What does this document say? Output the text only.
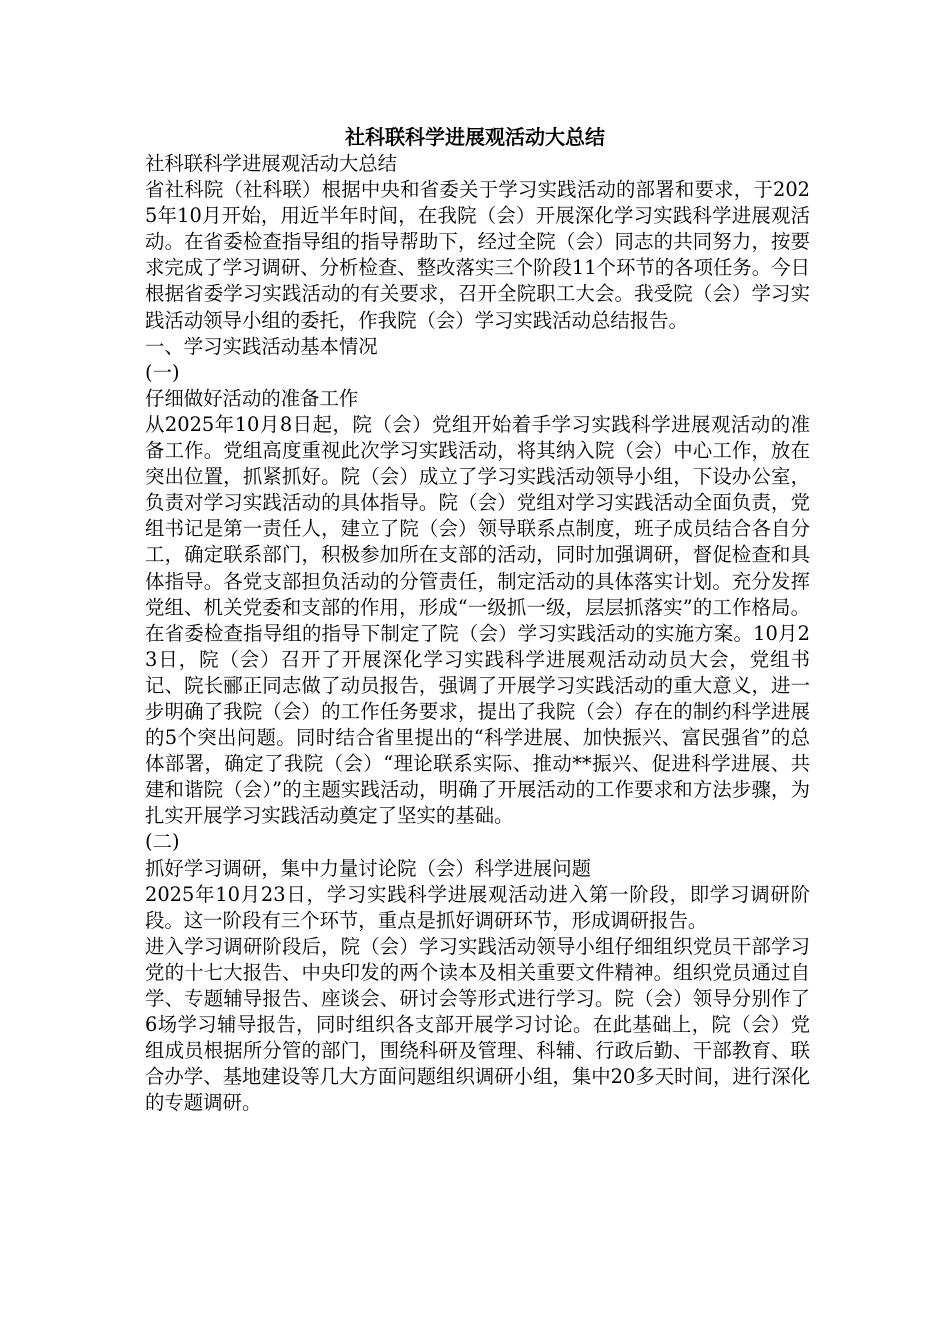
社科联科学进展观活动大总结

社科联科学进展观活动大总结

省社科院（社科联）根据中央和省委关于学习实践活动的部署和要求，于2025年10月开始，用近半年时间，在我院（会）开展深化学习实践科学进展观活动。在省委检查指导组的指导帮助下，经过全院（会）同志的共同努力，按要求完成了学习调研、分析检查、整改落实三个阶段11个环节的各项任务。今日根据省委学习实践活动的有关要求，召开全院职工大会。我受院（会）学习实践活动领导小组的委托，作我院（会）学习实践活动总结报告。

一、学习实践活动基本情况

(一)

仔细做好活动的准备工作

从2025年10月8日起，院（会）党组开始着手学习实践科学进展观活动的准备工作。党组高度重视此次学习实践活动，将其纳入院（会）中心工作，放在突出位置，抓紧抓好。院（会）成立了学习实践活动领导小组，下设办公室，负责对学习实践活动的具体指导。院（会）党组对学习实践活动全面负责，党组书记是第一责任人，建立了院（会）领导联系点制度，班子成员结合各自分工，确定联系部门，积极参加所在支部的活动，同时加强调研，督促检查和具体指导。各党支部担负活动的分管责任，制定活动的具体落实计划。充分发挥党组、机关党委和支部的作用，形成“一级抓一级，层层抓落实”的工作格局。在省委检查指导组的指导下制定了院（会）学习实践活动的实施方案。10月23日，院（会）召开了开展深化学习实践科学进展观活动动员大会，党组书记、院长郦正同志做了动员报告，强调了开展学习实践活动的重大意义，进一步明确了我院（会）的工作任务要求，提出了我院（会）存在的制约科学进展的5个突出问题。同时结合省里提出的“科学进展、加快振兴、富民强省”的总体部署，确定了我院（会）“理论联系实际、推动**振兴、促进科学进展、共建和谐院（会）”的主题实践活动，明确了开展活动的工作要求和方法步骤，为扎实开展学习实践活动奠定了坚实的基础。

(二)

抓好学习调研，集中力量讨论院（会）科学进展问题

2025年10月23日，学习实践科学进展观活动进入第一阶段，即学习调研阶段。这一阶段有三个环节，重点是抓好调研环节，形成调研报告。

进入学习调研阶段后，院（会）学习实践活动领导小组仔细组织党员干部学习党的十七大报告、中央印发的两个读本及相关重要文件精神。组织党员通过自学、专题辅导报告、座谈会、研讨会等形式进行学习。院（会）领导分别作了6场学习辅导报告，同时组织各支部开展学习讨论。在此基础上，院（会）党组成员根据所分管的部门，围绕科研及管理、科辅、行政后勤、干部教育、联合办学、基地建设等几大方面问题组织调研小组，集中20多天时间，进行深化的专题调研。
